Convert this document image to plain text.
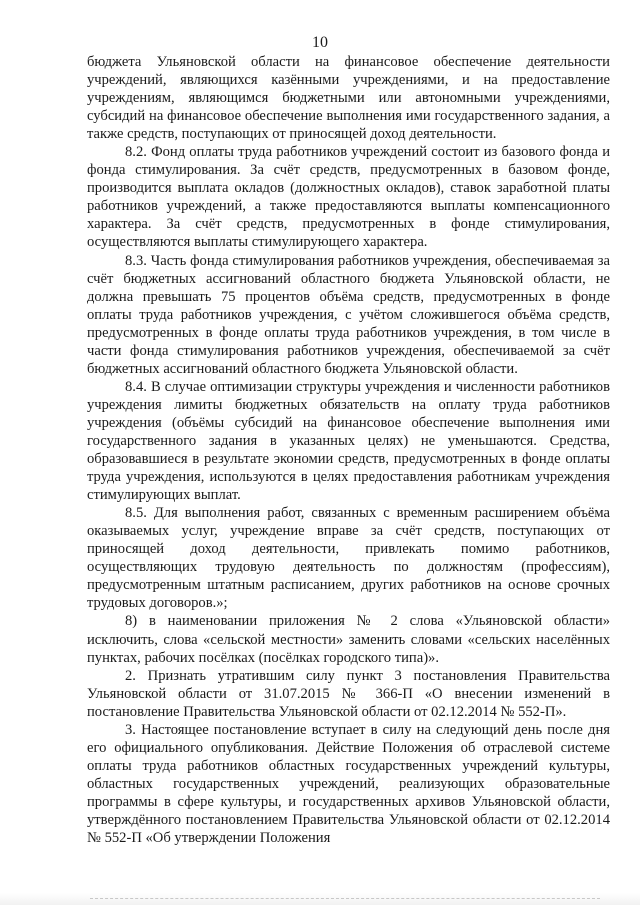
10

бюджета Ульяновской области на финансовое обеспечение деятельности учреждений, являющихся казёнными учреждениями, и на предоставление учреждениям, являющимся бюджетными или автономными учреждениями, субсидий на финансовое обеспечение выполнения ими государственного задания, а также средств, поступающих от приносящей доход деятельности.

8.2. Фонд оплаты труда работников учреждений состоит из базового фонда и фонда стимулирования. За счёт средств, предусмотренных в базовом фонде, производится выплата окладов (должностных окладов), ставок заработной платы работников учреждений, а также предоставляются выплаты компенсационного характера. За счёт средств, предусмотренных в фонде стимулирования, осуществляются выплаты стимулирующего характера.

8.3. Часть фонда стимулирования работников учреждения, обеспечиваемая за счёт бюджетных ассигнований областного бюджета Ульяновской области, не должна превышать 75 процентов объёма средств, предусмотренных в фонде оплаты труда работников учреждения, с учётом сложившегося объёма средств, предусмотренных в фонде оплаты труда работников учреждения, в том числе в части фонда стимулирования работников учреждения, обеспечиваемой за счёт бюджетных ассигнований областного бюджета Ульяновской области.

8.4. В случае оптимизации структуры учреждения и численности работников учреждения лимиты бюджетных обязательств на оплату труда работников учреждения (объёмы субсидий на финансовое обеспечение выполнения ими государственного задания в указанных целях) не уменьшаются. Средства, образовавшиеся в результате экономии средств, предусмотренных в фонде оплаты труда учреждения, используются в целях предоставления работникам учреждения стимулирующих выплат.

8.5. Для выполнения работ, связанных с временным расширением объёма оказываемых услуг, учреждение вправе за счёт средств, поступающих от приносящей доход деятельности, привлекать помимо работников, осуществляющих трудовую деятельность по должностям (профессиям), предусмотренным штатным расписанием, других работников на основе срочных трудовых договоров.»;

8) в наименовании приложения № 2 слова «Ульяновской области» исключить, слова «сельской местности» заменить словами «сельских населённых пунктах, рабочих посёлках (посёлках городского типа)».

2. Признать утратившим силу пункт 3 постановления Правительства Ульяновской области от 31.07.2015 № 366-П «О внесении изменений в постановление Правительства Ульяновской области от 02.12.2014 № 552-П».

3. Настоящее постановление вступает в силу на следующий день после дня его официального опубликования. Действие Положения об отраслевой системе оплаты труда работников областных государственных учреждений культуры, областных государственных учреждений, реализующих образовательные программы в сфере культуры, и государственных архивов Ульяновской области, утверждённого постановлением Правительства Ульяновской области от 02.12.2014 № 552-П «Об утверждении Положения
